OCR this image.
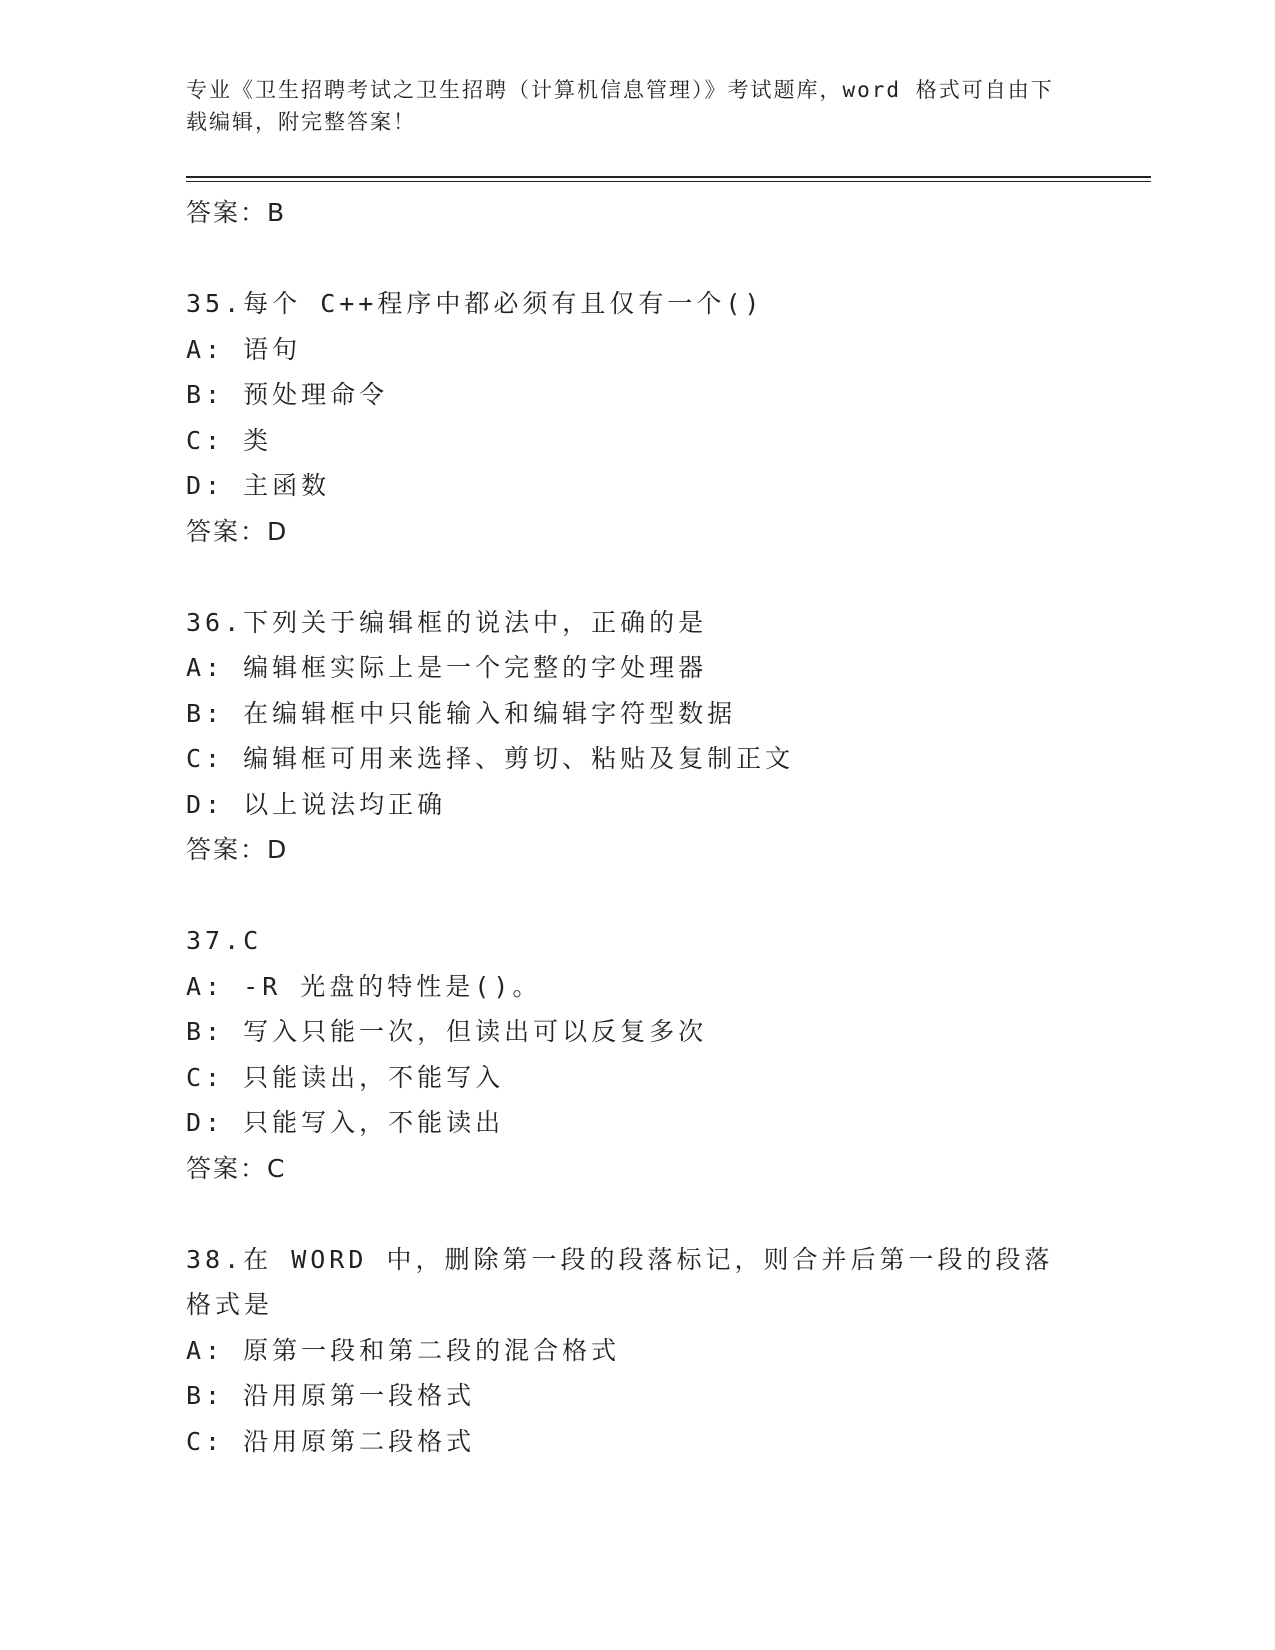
专业《卫生招聘考试之卫生招聘（计算机信息管理）》考试题库，word 格式可自由下载编辑，附完整答案！
答案：B
35.每个 C++程序中都必须有且仅有一个()
A: 语句
B: 预处理命令
C: 类
D: 主函数
答案：D
36.下列关于编辑框的说法中，正确的是
A: 编辑框实际上是一个完整的字处理器
B: 在编辑框中只能输入和编辑字符型数据
C: 编辑框可用来选择、剪切、粘贴及复制正文
D: 以上说法均正确
答案：D
37.C
A: -R 光盘的特性是()。
B: 写入只能一次，但读出可以反复多次
C: 只能读出，不能写入
D: 只能写入，不能读出
答案：C
38.在 WORD 中，删除第一段的段落标记，则合并后第一段的段落格式是
A: 原第一段和第二段的混合格式
B: 沿用原第一段格式
C: 沿用原第二段格式
